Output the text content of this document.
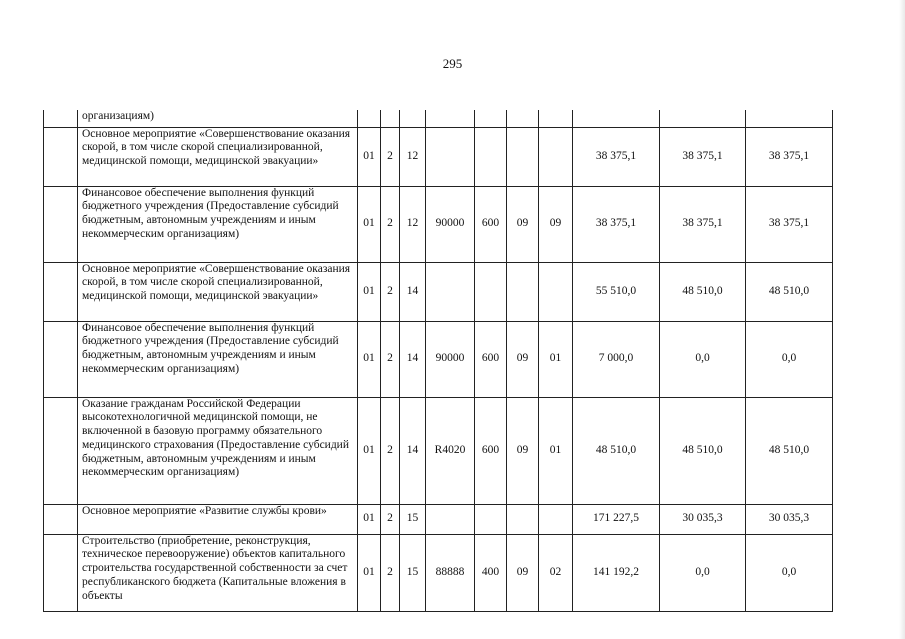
295
	организациям)										
	Основное мероприятие «Совершенствование оказания скорой, в том числе скорой специализированной, медицинской помощи, медицинской эвакуации»	01	2	12					38 375,1	38 375,1	38 375,1
	Финансовое обеспечение выполнения функций бюджетного учреждения (Предоставление субсидий бюджетным, автономным учреждениям и иным некоммерческим организациям)	01	2	12	90000	600	09	09	38 375,1	38 375,1	38 375,1
	Основное мероприятие «Совершенствование оказания скорой, в том числе скорой специализированной, медицинской помощи, медицинской эвакуации»	01	2	14					55 510,0	48 510,0	48 510,0
	Финансовое обеспечение выполнения функций бюджетного учреждения (Предоставление субсидий бюджетным, автономным учреждениям и иным некоммерческим организациям)	01	2	14	90000	600	09	01	7 000,0	0,0	0,0
	Оказание гражданам Российской Федерации высокотехнологичной медицинской помощи, не включенной в базовую программу обязательного медицинского страхования (Предоставление субсидий бюджетным, автономным учреждениям и иным некоммерческим организациям)	01	2	14	R4020	600	09	01	48 510,0	48 510,0	48 510,0
	Основное мероприятие «Развитие службы крови»	01	2	15					171 227,5	30 035,3	30 035,3
	Строительство (приобретение, реконструкция, техническое перевооружение) объектов капитального строительства государственной собственности за счет республиканского бюджета (Капитальные вложения в объекты	01	2	15	88888	400	09	02	141 192,2	0,0	0,0
